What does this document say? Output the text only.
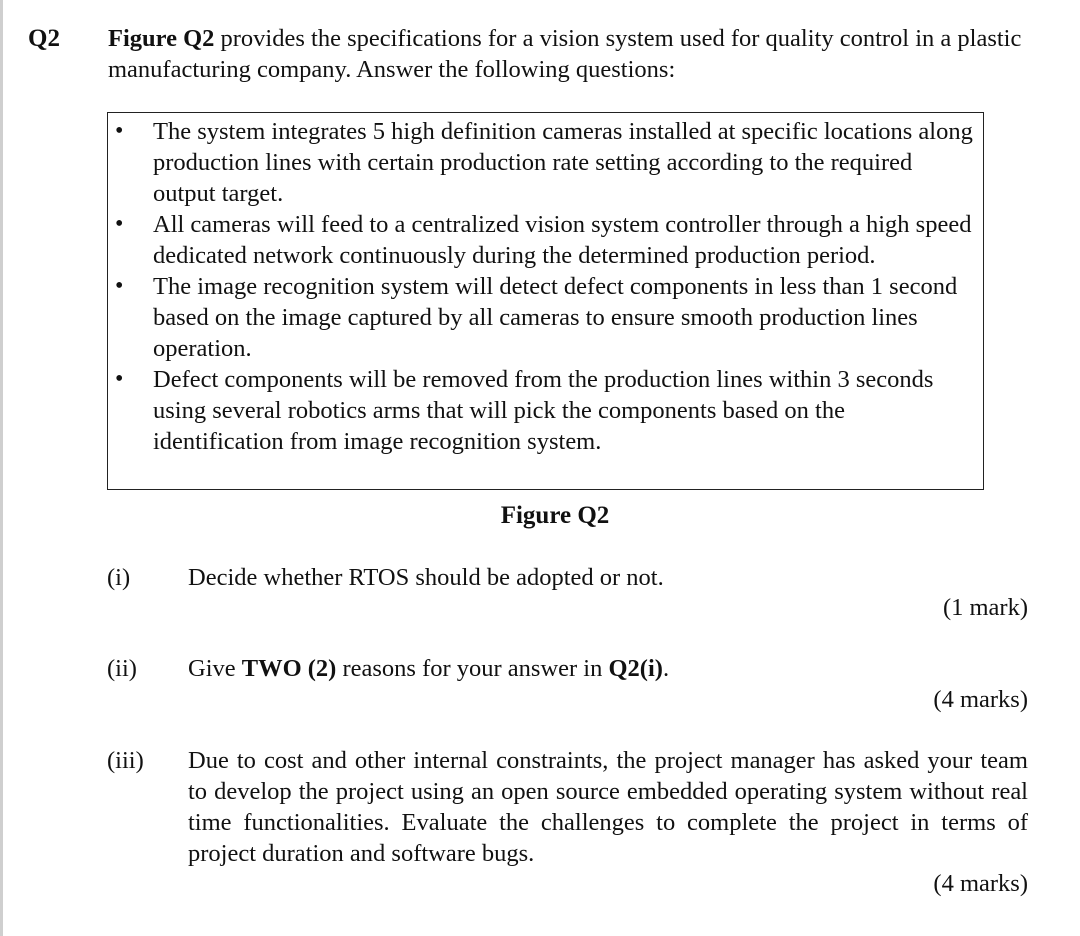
Q2 Figure Q2 provides the specifications for a vision system used for quality control in a plastic manufacturing company. Answer the following questions:
• The system integrates 5 high definition cameras installed at specific locations along production lines with certain production rate setting according to the required output target.
• All cameras will feed to a centralized vision system controller through a high speed dedicated network continuously during the determined production period.
• The image recognition system will detect defect components in less than 1 second based on the image captured by all cameras to ensure smooth production lines operation.
• Defect components will be removed from the production lines within 3 seconds using several robotics arms that will pick the components based on the identification from image recognition system.
Figure Q2
(i) Decide whether RTOS should be adopted or not.
(1 mark)
(ii) Give TWO (2) reasons for your answer in Q2(i).
(4 marks)
(iii) Due to cost and other internal constraints, the project manager has asked your team to develop the project using an open source embedded operating system without real time functionalities. Evaluate the challenges to complete the project in terms of project duration and software bugs.
(4 marks)
